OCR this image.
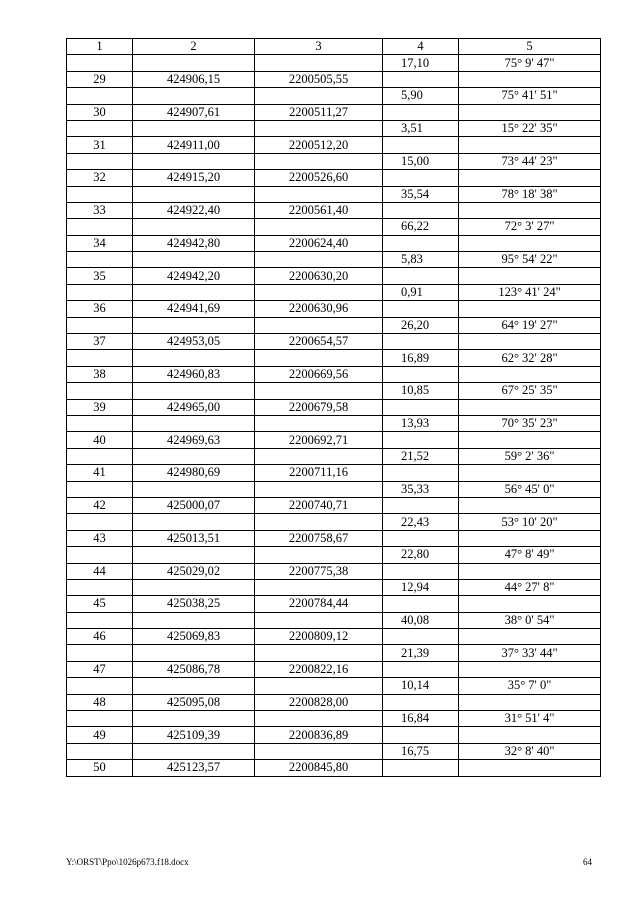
1	2	3	4	5
			17,10	75° 9' 47"
29	424906,15	2200505,55		
			5,90	75° 41' 51"
30	424907,61	2200511,27		
			3,51	15° 22' 35"
31	424911,00	2200512,20		
			15,00	73° 44' 23"
32	424915,20	2200526,60		
			35,54	78° 18' 38"
33	424922,40	2200561,40		
			66,22	72° 3' 27"
34	424942,80	2200624,40		
			5,83	95° 54' 22"
35	424942,20	2200630,20		
			0,91	123° 41' 24"
36	424941,69	2200630,96		
			26,20	64° 19' 27"
37	424953,05	2200654,57		
			16,89	62° 32' 28"
38	424960,83	2200669,56		
			10,85	67° 25' 35"
39	424965,00	2200679,58		
			13,93	70° 35' 23"
40	424969,63	2200692,71		
			21,52	59° 2' 36"
41	424980,69	2200711,16		
			35,33	56° 45' 0"
42	425000,07	2200740,71		
			22,43	53° 10' 20"
43	425013,51	2200758,67		
			22,80	47° 8' 49"
44	425029,02	2200775,38		
			12,94	44° 27' 8"
45	425038,25	2200784,44		
			40,08	38° 0' 54"
46	425069,83	2200809,12		
			21,39	37° 33' 44"
47	425086,78	2200822,16		
			10,14	35° 7' 0"
48	425095,08	2200828,00		
			16,84	31° 51' 4"
49	425109,39	2200836,89		
			16,75	32° 8' 40"
50	425123,57	2200845,80		
Y:\ORST\Ppo\1026p673.f18.docx	64
